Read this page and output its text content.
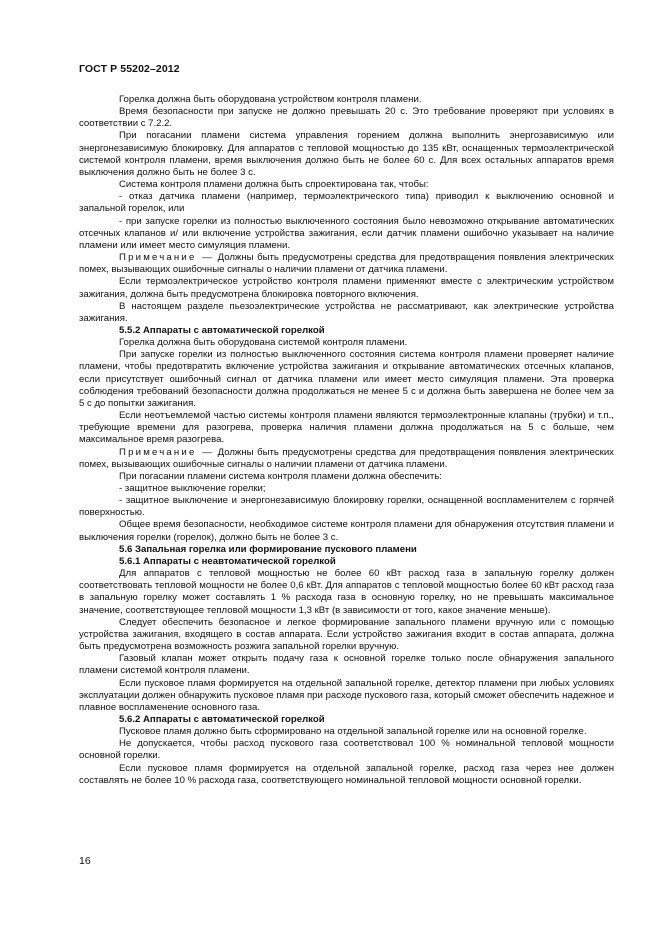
ГОСТ Р 55202–2012

Горелка должна быть оборудована устройством контроля пламени.

Время безопасности при запуске не должно превышать 20 с. Это требование проверяют при условиях в соответствии с 7.2.2.

При погасании пламени система управления горением должна выполнить энергозависимую или энергонезависимую блокировку. Для аппаратов с тепловой мощностью до 135 кВт, оснащенных термоэлектрической системой контроля пламени, время выключения должно быть не более 60 с. Для всех остальных аппаратов время выключения должно быть не более 3 с.

Система контроля пламени должна быть спроектирована так, чтобы:

- отказ датчика пламени (например, термоэлектрического типа) приводил к выключению основной и запальной горелок, или

- при запуске горелки из полностью выключенного состояния было невозможно открывание автоматических отсечных клапанов и/ или включение устройства зажигания, если датчик пламени ошибочно указывает на наличие пламени или имеет место симуляция пламени.

Примечание — Должны быть предусмотрены средства для предотвращения появления электрических помех, вызывающих ошибочные сигналы о наличии пламени от датчика пламени.

Если термоэлектрическое устройство контроля пламени применяют вместе с электрическим устройством зажигания, должна быть предусмотрена блокировка повторного включения.

В настоящем разделе пьезоэлектрические устройства не рассматривают, как электрические устройства зажигания.

5.5.2 Аппараты с автоматической горелкой

Горелка должна быть оборудована системой контроля пламени.

При запуске горелки из полностью выключенного состояния система контроля пламени проверяет наличие пламени, чтобы предотвратить включение устройства зажигания и открывание автоматических отсечных клапанов, если присутствует ошибочный сигнал от датчика пламени или имеет место симуляция пламени. Эта проверка соблюдения требований безопасности должна продолжаться не менее 5 с и должна быть завершена не более чем за 5 с до попытки зажигания.

Если неотъемлемой частью системы контроля пламени являются термоэлектронные клапаны (трубки) и т.п., требующие времени для разогрева, проверка наличия пламени должна продолжаться на 5 с больше, чем максимальное время разогрева.

Примечание — Должны быть предусмотрены средства для предотвращения появления электрических помех, вызывающих ошибочные сигналы о наличии пламени от датчика пламени.

При погасании пламени система контроля пламени должна обеспечить:

- защитное выключение горелки;

- защитное выключение и энергонезависимую блокировку горелки, оснащенной воспламенителем с горячей поверхностью.

Общее время безопасности, необходимое системе контроля пламени для обнаружения отсутствия пламени и выключения горелки (горелок), должно быть не более 3 с.

5.6 Запальная горелка или формирование пускового пламени

5.6.1 Аппараты с неавтоматической горелкой

Для аппаратов с тепловой мощностью не более 60 кВт расход газа в запальную горелку должен соответствовать тепловой мощности не более 0,6 кВт. Для аппаратов с тепловой мощностью более 60 кВт расход газа в запальную горелку может составлять 1 % расхода газа в основную горелку, но не превышать максимальное значение, соответствующее тепловой мощности 1,3 кВт (в зависимости от того, какое значение меньше).

Следует обеспечить безопасное и легкое формирование запального пламени вручную или с помощью устройства зажигания, входящего в состав аппарата. Если устройство зажигания входит в состав аппарата, должна быть предусмотрена возможность розжига запальной горелки вручную.

Газовый клапан может открыть подачу газа к основной горелке только после обнаружения запального пламени системой контроля пламени.

Если пусковое пламя формируется на отдельной запальной горелке, детектор пламени при любых условиях эксплуатации должен обнаружить пусковое пламя при расходе пускового газа, который сможет обеспечить надежное и плавное воспламенение основного газа.

5.6.2 Аппараты с автоматической горелкой

Пусковое пламя должно быть сформировано на отдельной запальной горелке или на основной горелке.

Не допускается, чтобы расход пускового газа соответствовал 100 % номинальной тепловой мощности основной горелки.

Если пусковое пламя формируется на отдельной запальной горелке, расход газа через нее должен составлять не более 10 % расхода газа, соответствующего номинальной тепловой мощности основной горелки.

16
